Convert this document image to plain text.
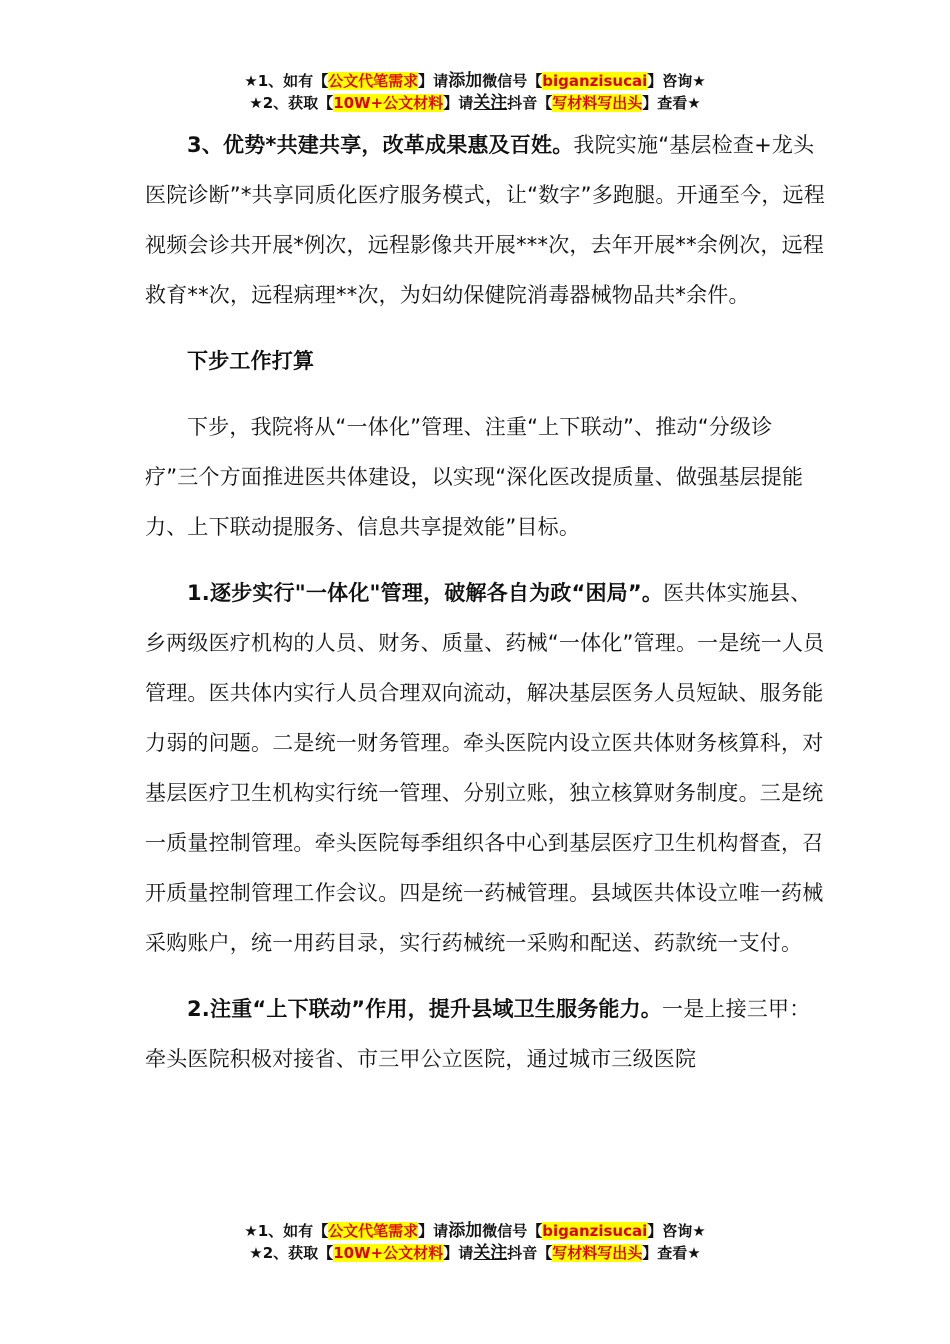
★1、如有【公文代笔需求】请添加微信号【biganzisucai】咨询★
★2、获取【10W+公文材料】请关注抖音【写材料写出头】查看★

3、优势*共建共享，改革成果惠及百姓。我院实施“基层检查+龙头医院诊断”*共享同质化医疗服务模式，让“数字”多跑腿。开通至今，远程视频会诊共开展*例次，远程影像共开展***次，去年开展**余例次，远程救育**次，远程病理**次，为妇幼保健院消毒器械物品共*余件。

下步工作打算

下步，我院将从“一体化”管理、注重“上下联动”、推动“分级诊疗”三个方面推进医共体建设，以实现“深化医改提质量、做强基层提能力、上下联动提服务、信息共享提效能”目标。

1.逐步实行"一体化"管理，破解各自为政“困局”。医共体实施县、乡两级医疗机构的人员、财务、质量、药械“一体化”管理。一是统一人员管理。医共体内实行人员合理双向流动，解决基层医务人员短缺、服务能力弱的问题。二是统一财务管理。牵头医院内设立医共体财务核算科，对基层医疗卫生机构实行统一管理、分别立账，独立核算财务制度。三是统一质量控制管理。牵头医院每季组织各中心到基层医疗卫生机构督查，召开质量控制管理工作会议。四是统一药械管理。县域医共体设立唯一药械采购账户，统一用药目录，实行药械统一采购和配送、药款统一支付。

2.注重“上下联动”作用，提升县域卫生服务能力。一是上接三甲：牵头医院积极对接省、市三甲公立医院，通过城市三级医院

★1、如有【公文代笔需求】请添加微信号【biganzisucai】咨询★
★2、获取【10W+公文材料】请关注抖音【写材料写出头】查看★
